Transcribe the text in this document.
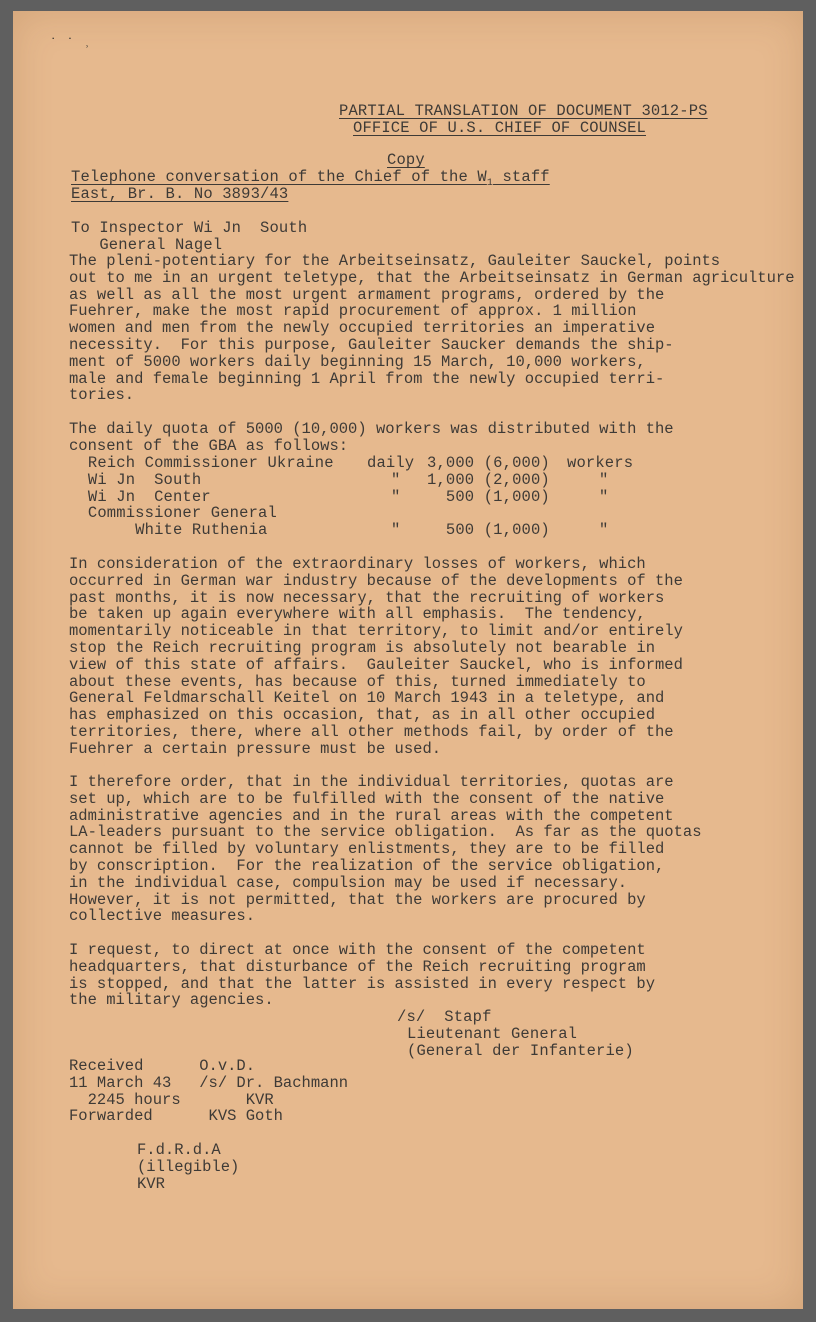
˙ ˙ ˒
PARTIAL TRANSLATION OF DOCUMENT 3012-PS
OFFICE OF U.S. CHIEF OF COUNSEL
Copy
Telephone conversation of the Chief of the $W_1$ staff
East, Br. B. No 3893/43
To Inspector Wi Jn  South
General Nagel
The pleni-potentiary for the Arbeitseinsatz, Gauleiter Sauckel, points
out to me in an urgent teletype, that the Arbeitseinsatz in German agriculture
as well as all the most urgent armament programs, ordered by the
Fuehrer, make the most rapid procurement of approx. 1 million
women and men from the newly occupied territories an imperative
necessity.  For this purpose, Gauleiter Saucker demands the ship-
ment of 5000 workers daily beginning 15 March, 10,000 workers,
male and female beginning 1 April from the newly occupied terri-
tories.
The daily quota of 5000 (10,000) workers was distributed with the
consent of the GBA as follows:
Reich Commissioner Ukraine daily 3,000 (6,000) workers
Wi Jn  South	" 1,000 (2,000)	"
Wi Jn  Center	" 500 (1,000)	"
Commissioner General
White Ruthenia	" 500 (1,000)	"
In consideration of the extraordinary losses of workers, which
occurred in German war industry because of the developments of the
past months, it is now necessary, that the recruiting of workers
be taken up again everywhere with all emphasis.  The tendency,
momentarily noticeable in that territory, to limit and/or entirely
stop the Reich recruiting program is absolutely not bearable in
view of this state of affairs.  Gauleiter Sauckel, who is informed
about these events, has because of this, turned immediately to
General Feldmarschall Keitel on 10 March 1943 in a teletype, and
has emphasized on this occasion, that, as in all other occupied
territories, there, where all other methods fail, by order of the
Fuehrer a certain pressure must be used.
I therefore order, that in the individual territories, quotas are
set up, which are to be fulfilled with the consent of the native
administrative agencies and in the rural areas with the competent
LA-leaders pursuant to the service obligation.  As far as the quotas
cannot be filled by voluntary enlistments, they are to be filled
by conscription.  For the realization of the service obligation,
in the individual case, compulsion may be used if necessary.
However, it is not permitted, that the workers are procured by
collective measures.
I request, to direct at once with the consent of the competent
headquarters, that disturbance of the Reich recruiting program
is stopped, and that the latter is assisted in every respect by
the military agencies.
/s/  Stapf
Lieutenant General
(General der Infanterie)
Received      O.v.D.
11 March 43   /s/ Dr. Bachmann
2245 hours       KVR
Forwarded      KVS Goth
F.d.R.d.A
(illegible)
KVR
